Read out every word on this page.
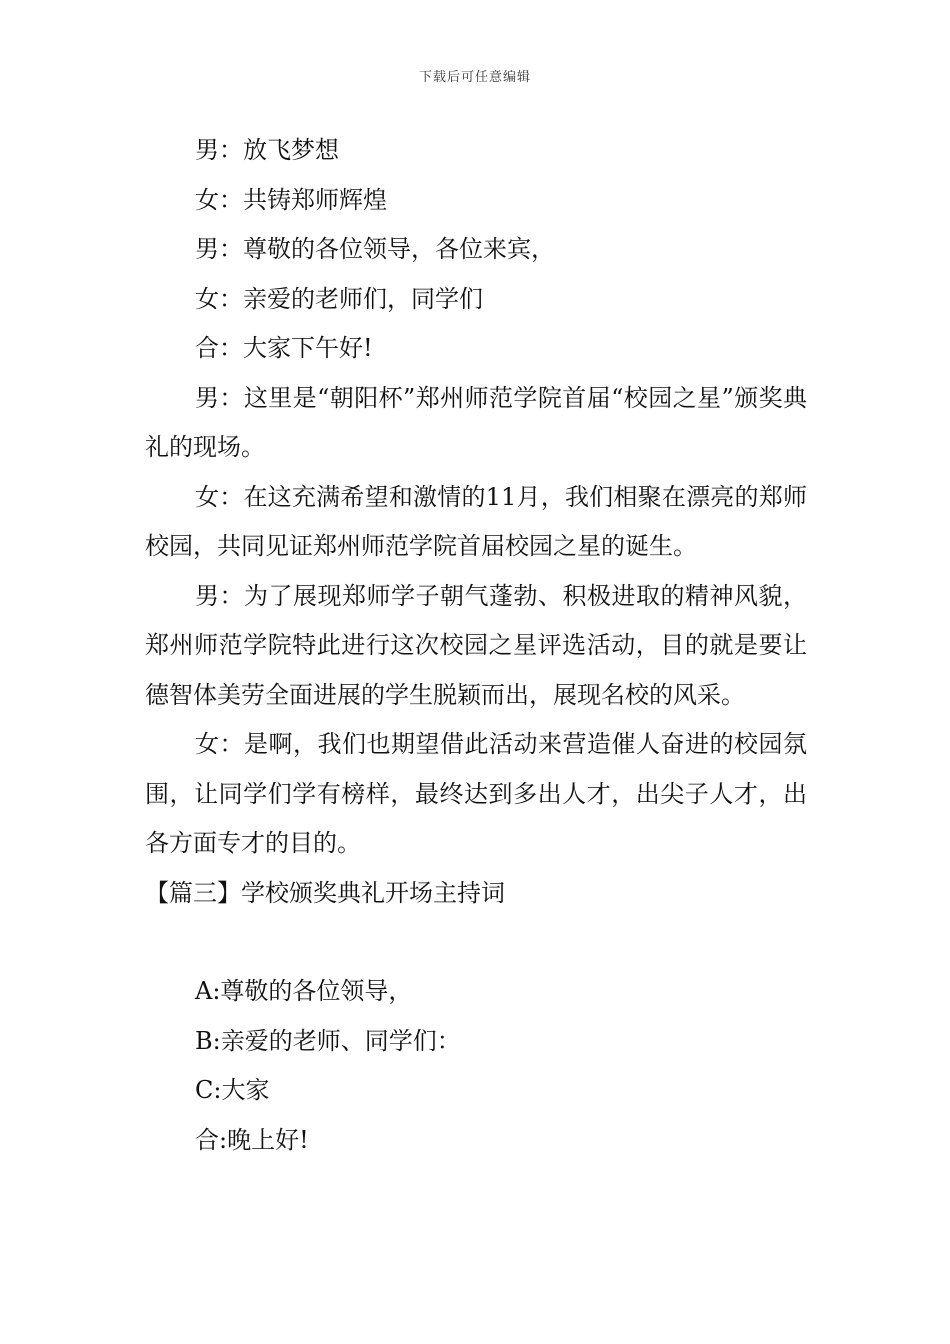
下载后可任意编辑

男：放飞梦想

女：共铸郑师辉煌

男：尊敬的各位领导，各位来宾，

女：亲爱的老师们，同学们

合：大家下午好!

男：这里是“朝阳杯”郑州师范学院首届“校园之星”颁奖典礼的现场。

女：在这充满希望和激情的11月，我们相聚在漂亮的郑师校园，共同见证郑州师范学院首届校园之星的诞生。

男：为了展现郑师学子朝气蓬勃、积极进取的精神风貌，郑州师范学院特此进行这次校园之星评选活动，目的就是要让德智体美劳全面进展的学生脱颖而出，展现名校的风采。

女：是啊，我们也期望借此活动来营造催人奋进的校园氛围，让同学们学有榜样，最终达到多出人才，出尖子人才，出各方面专才的目的。

【篇三】学校颁奖典礼开场主持词

A:尊敬的各位领导，

B:亲爱的老师、同学们：

C:大家

合:晚上好!
